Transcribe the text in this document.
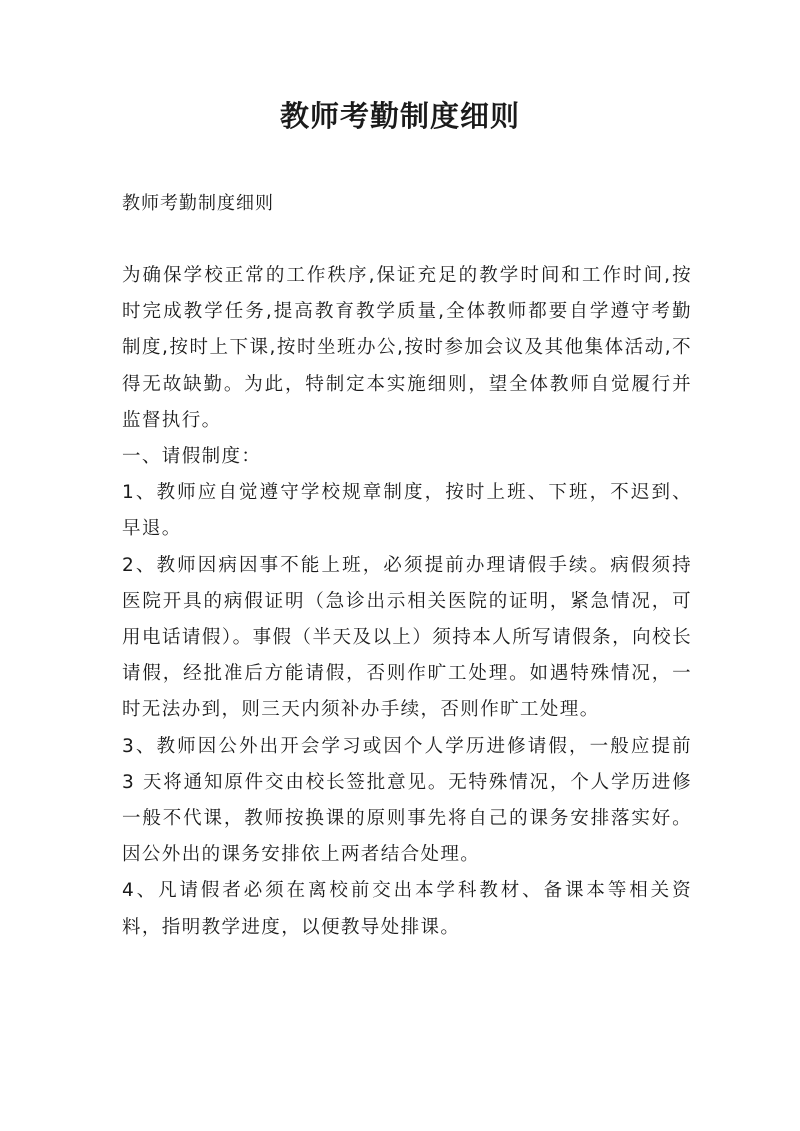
教师考勤制度细则
教师考勤制度细则

为确保学校正常的工作秩序,保证充足的教学时间和工作时间,按时完成教学任务,提高教育教学质量,全体教师都要自学遵守考勤制度,按时上下课,按时坐班办公,按时参加会议及其他集体活动,不得无故缺勤。为此，特制定本实施细则，望全体教师自觉履行并监督执行。

一、请假制度：

1、教师应自觉遵守学校规章制度，按时上班、下班，不迟到、早退。

2、教师因病因事不能上班，必须提前办理请假手续。病假须持医院开具的病假证明（急诊出示相关医院的证明，紧急情况，可用电话请假）。事假（半天及以上）须持本人所写请假条，向校长请假，经批准后方能请假，否则作旷工处理。如遇特殊情况，一时无法办到，则三天内须补办手续，否则作旷工处理。

3、教师因公外出开会学习或因个人学历进修请假，一般应提前 3 天将通知原件交由校长签批意见。无特殊情况，个人学历进修一般不代课，教师按换课的原则事先将自己的课务安排落实好。因公外出的课务安排依上两者结合处理。

4、凡请假者必须在离校前交出本学科教材、备课本等相关资料，指明教学进度，以便教导处排课。
